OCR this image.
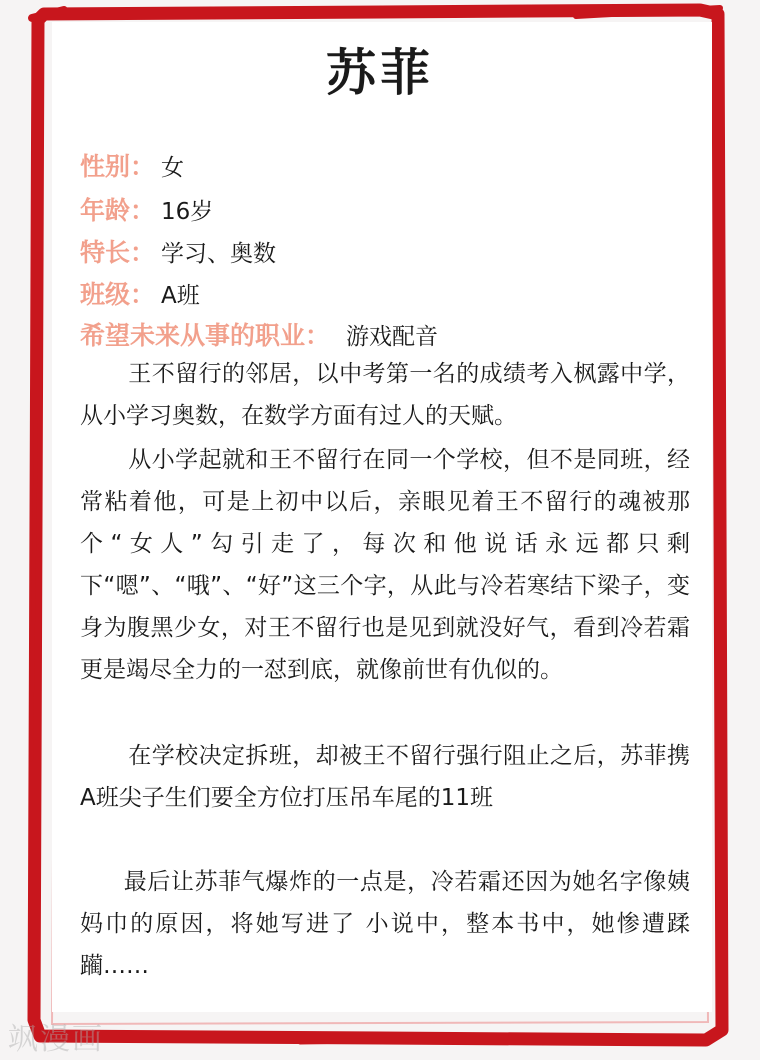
苏菲
性别： 女
年龄： 16岁
特长： 学习、奥数
班级： A班
希望未来从事的职业： 游戏配音

王不留行的邻居，以中考第一名的成绩考入枫露中学，从小学习奥数，在数学方面有过人的天赋。

从小学起就和王不留行在同一个学校，但不是同班，经常粘着他，可是上初中以后，亲眼见着王不留行的魂被那个“女人”勾引走了，每次和他说话永远都只剩下“嗯”、“哦”、“好”这三个字，从此与冷若寒结下梁子，变身为腹黑少女，对王不留行也是见到就没好气，看到冷若霜更是竭尽全力的一怼到底，就像前世有仇似的。

在学校决定拆班，却被王不留行强行阻止之后，苏菲携A班尖子生们要全方位打压吊车尾的11班

最后让苏菲气爆炸的一点是，冷若霜还因为她名字像姨妈巾的原因，将她写进了 小说中，整本书中，她惨遭蹂躏……

飒漫画
